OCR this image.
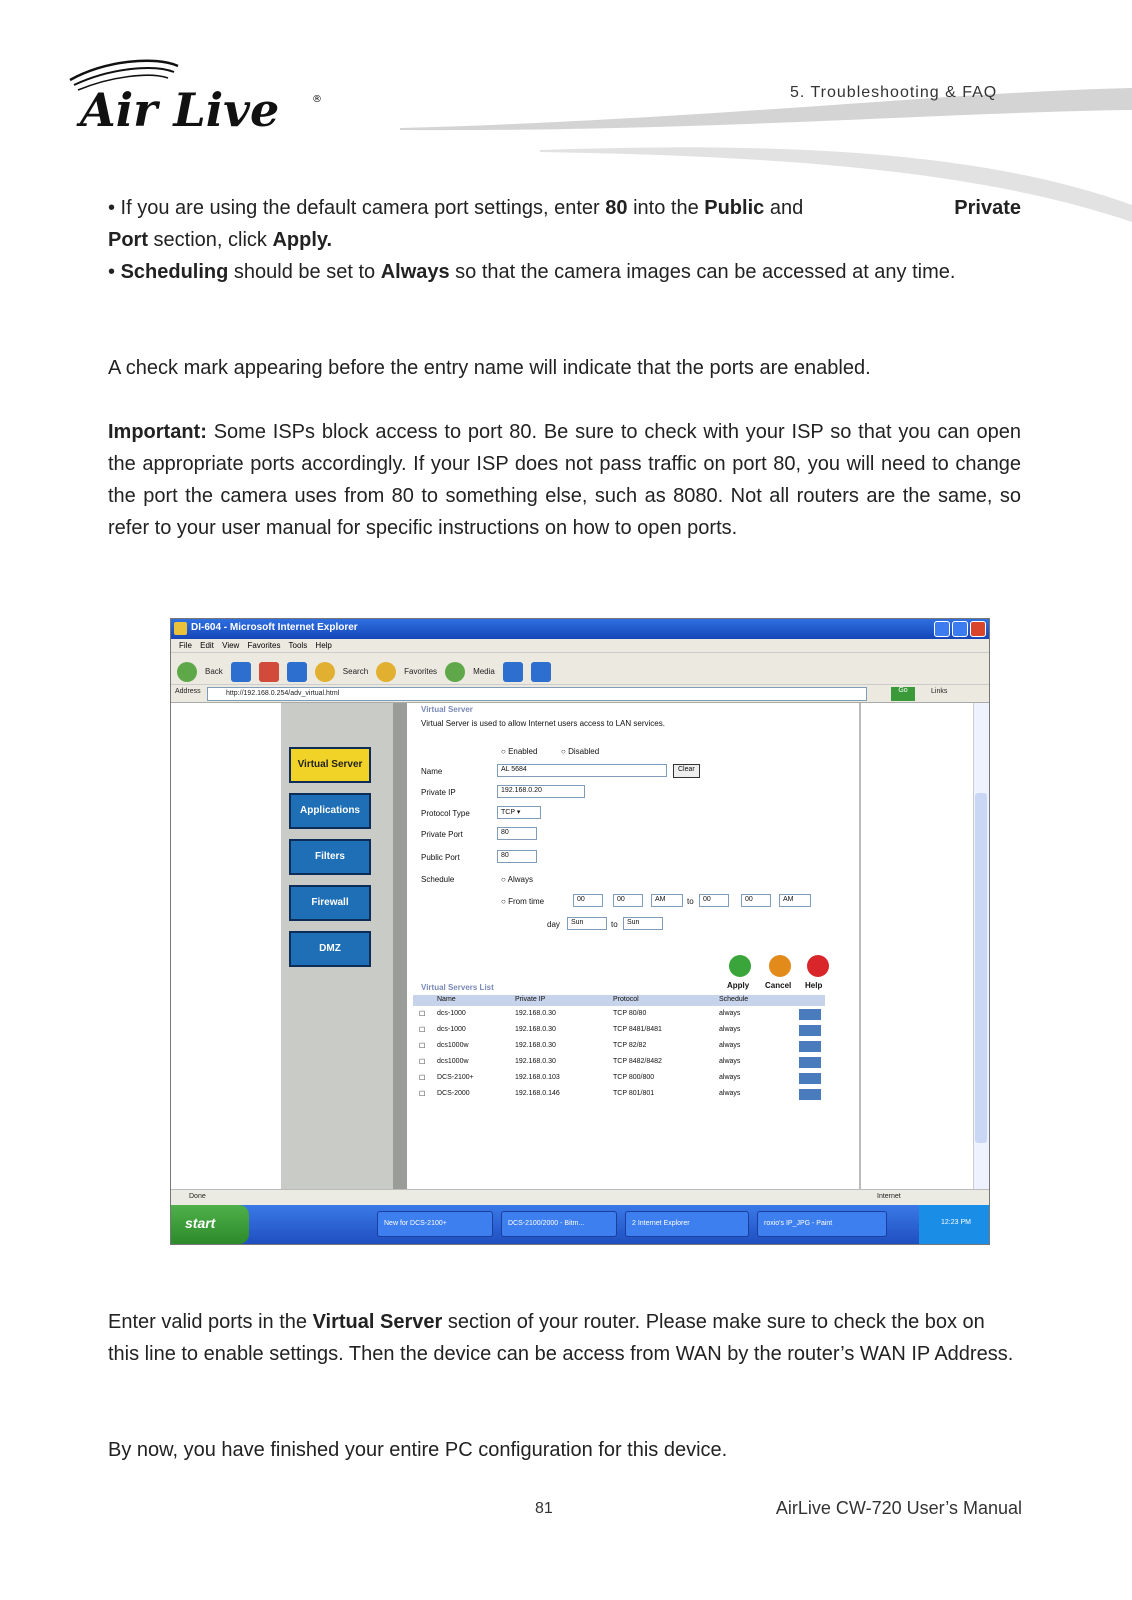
Air Live	®	5. Troubleshooting & FAQ
• If you are using the default camera port settings, enter 80 into the Public and	Private
Port section, click Apply.
• Scheduling should be set to Always so that the camera images can be accessed at any time.
A check mark appearing before the entry name will indicate that the ports are enabled.
Important: Some ISPs block access to port 80. Be sure to check with your ISP so that you can open the appropriate ports accordingly. If your ISP does not pass traffic on port 80, you will need to change the port the camera uses from 80 to something else, such as 8080. Not all routers are the same, so refer to your user manual for specific instructions on how to open ports.
DI-604 - Microsoft Internet Explorer
File Edit View Favorites Tools Help
Back	Search	Favorites	Media
Address	http://192.168.0.254/adv_virtual.html	Go	Links
Virtual Server
Applications
Filters
Firewall
DMZ
Virtual Server
Virtual Server is used to allow Internet users access to LAN services.
○ Enabled	○ Disabled
Name	AL 5684	Clear
Private IP	192.168.0.20
Protocol Type	TCP ▾
Private Port	80
Public Port	80
Schedule	○ Always
○ From time	00	00	AM	to	00	00	AM
day	Sun	to	Sun
Apply Cancel Help
Virtual Servers List
Name	Private IP	Protocol	Schedule
☐ dcs-1000	192.168.0.30	TCP 80/80	always
☐ dcs-1000	192.168.0.30	TCP 8481/8481	always
☐ dcs1000w	192.168.0.30	TCP 82/82	always
☐ dcs1000w	192.168.0.30	TCP 8482/8482	always
☐ DCS-2100+	192.168.0.103	TCP 800/800	always
☐ DCS-2000	192.168.0.146	TCP 801/801	always
Done	Internet
start	New for DCS-2100+	DCS-2100/2000 - Bitm...	2 Internet Explorer	roxio's IP_JPG - Paint	12:23 PM
Enter valid ports in the Virtual Server section of your router. Please make sure to check the box on this line to enable settings. Then the device can be access from WAN by the router’s WAN IP Address.
By now, you have finished your entire PC configuration for this device.
81	AirLive CW-720 User’s Manual
